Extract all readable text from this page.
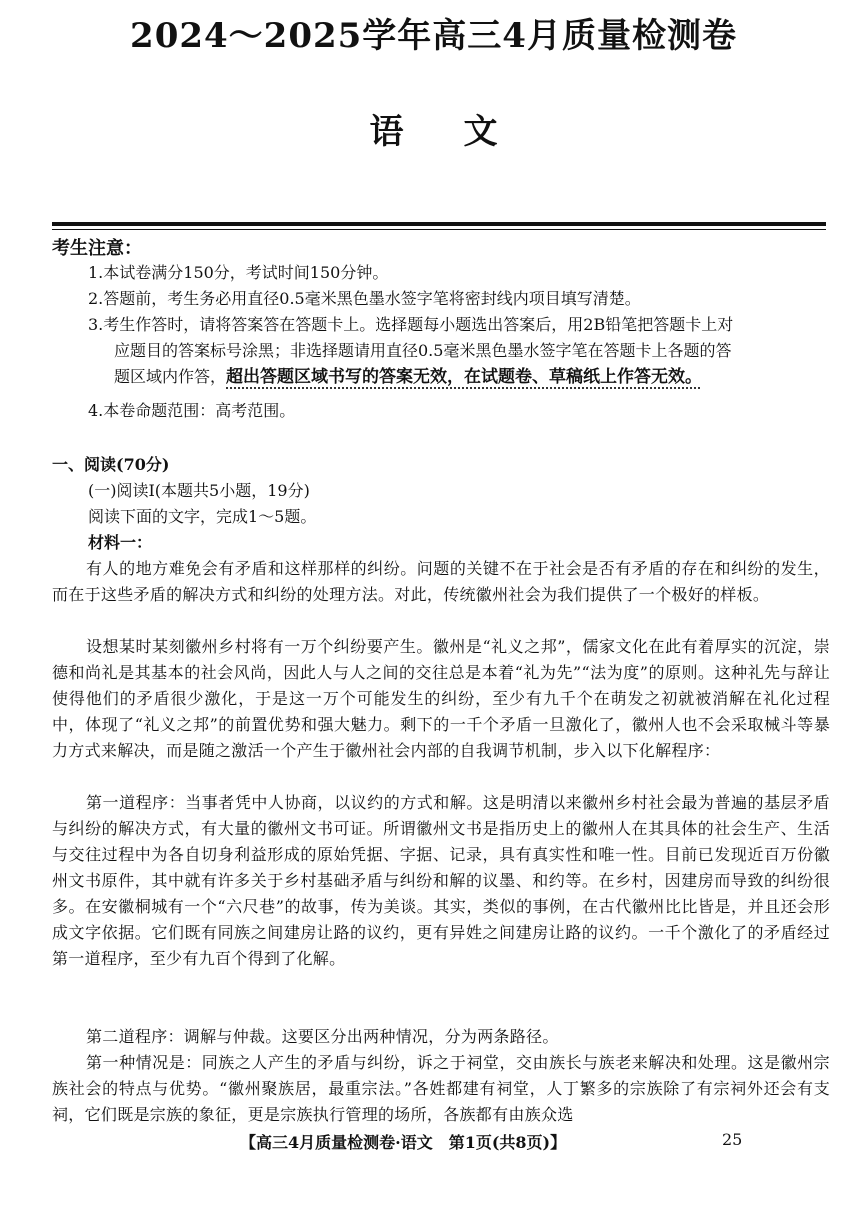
2024～2025学年高三4月质量检测卷
语文
考生注意：
1.本试卷满分150分，考试时间150分钟。
2.答题前，考生务必用直径0.5毫米黑色墨水签字笔将密封线内项目填写清楚。
3.考生作答时，请将答案答在答题卡上。选择题每小题选出答案后，用2B铅笔把答题卡上对
应题目的答案标号涂黑；非选择题请用直径0.5毫米黑色墨水签字笔在答题卡上各题的答
题区域内作答，超出答题区域书写的答案无效，在试题卷、草稿纸上作答无效。
4.本卷命题范围：高考范围。
一、阅读(70分)
(一)阅读Ⅰ(本题共5小题，19分)
阅读下面的文字，完成1～5题。
材料一：
有人的地方难免会有矛盾和这样那样的纠纷。问题的关键不在于社会是否有矛盾的存在和纠纷的发生，而在于这些矛盾的解决方式和纠纷的处理方法。对此，传统徽州社会为我们提供了一个极好的样板。
设想某时某刻徽州乡村将有一万个纠纷要产生。徽州是“礼义之邦”，儒家文化在此有着厚实的沉淀，崇德和尚礼是其基本的社会风尚，因此人与人之间的交往总是本着“礼为先”“法为度”的原则。这种礼先与辞让使得他们的矛盾很少激化，于是这一万个可能发生的纠纷，至少有九千个在萌发之初就被消解在礼化过程中，体现了“礼义之邦”的前置优势和强大魅力。剩下的一千个矛盾一旦激化了，徽州人也不会采取械斗等暴力方式来解决，而是随之激活一个产生于徽州社会内部的自我调节机制，步入以下化解程序：
第一道程序：当事者凭中人协商，以议约的方式和解。这是明清以来徽州乡村社会最为普遍的基层矛盾与纠纷的解决方式，有大量的徽州文书可证。所谓徽州文书是指历史上的徽州人在其具体的社会生产、生活与交往过程中为各自切身利益形成的原始凭据、字据、记录，具有真实性和唯一性。目前已发现近百万份徽州文书原件，其中就有许多关于乡村基础矛盾与纠纷和解的议墨、和约等。在乡村，因建房而导致的纠纷很多。在安徽桐城有一个“六尺巷”的故事，传为美谈。其实，类似的事例，在古代徽州比比皆是，并且还会形成文字依据。它们既有同族之间建房让路的议约，更有异姓之间建房让路的议约。一千个激化了的矛盾经过第一道程序，至少有九百个得到了化解。
第二道程序：调解与仲裁。这要区分出两种情况，分为两条路径。
第一种情况是：同族之人产生的矛盾与纠纷，诉之于祠堂，交由族长与族老来解决和处理。这是徽州宗族社会的特点与优势。“徽州聚族居，最重宗法。”各姓都建有祠堂，人丁繁多的宗族除了有宗祠外还会有支祠，它们既是宗族的象征，更是宗族执行管理的场所，各族都有由族众选
【高三4月质量检测卷·语文　第1页(共8页)】	25
